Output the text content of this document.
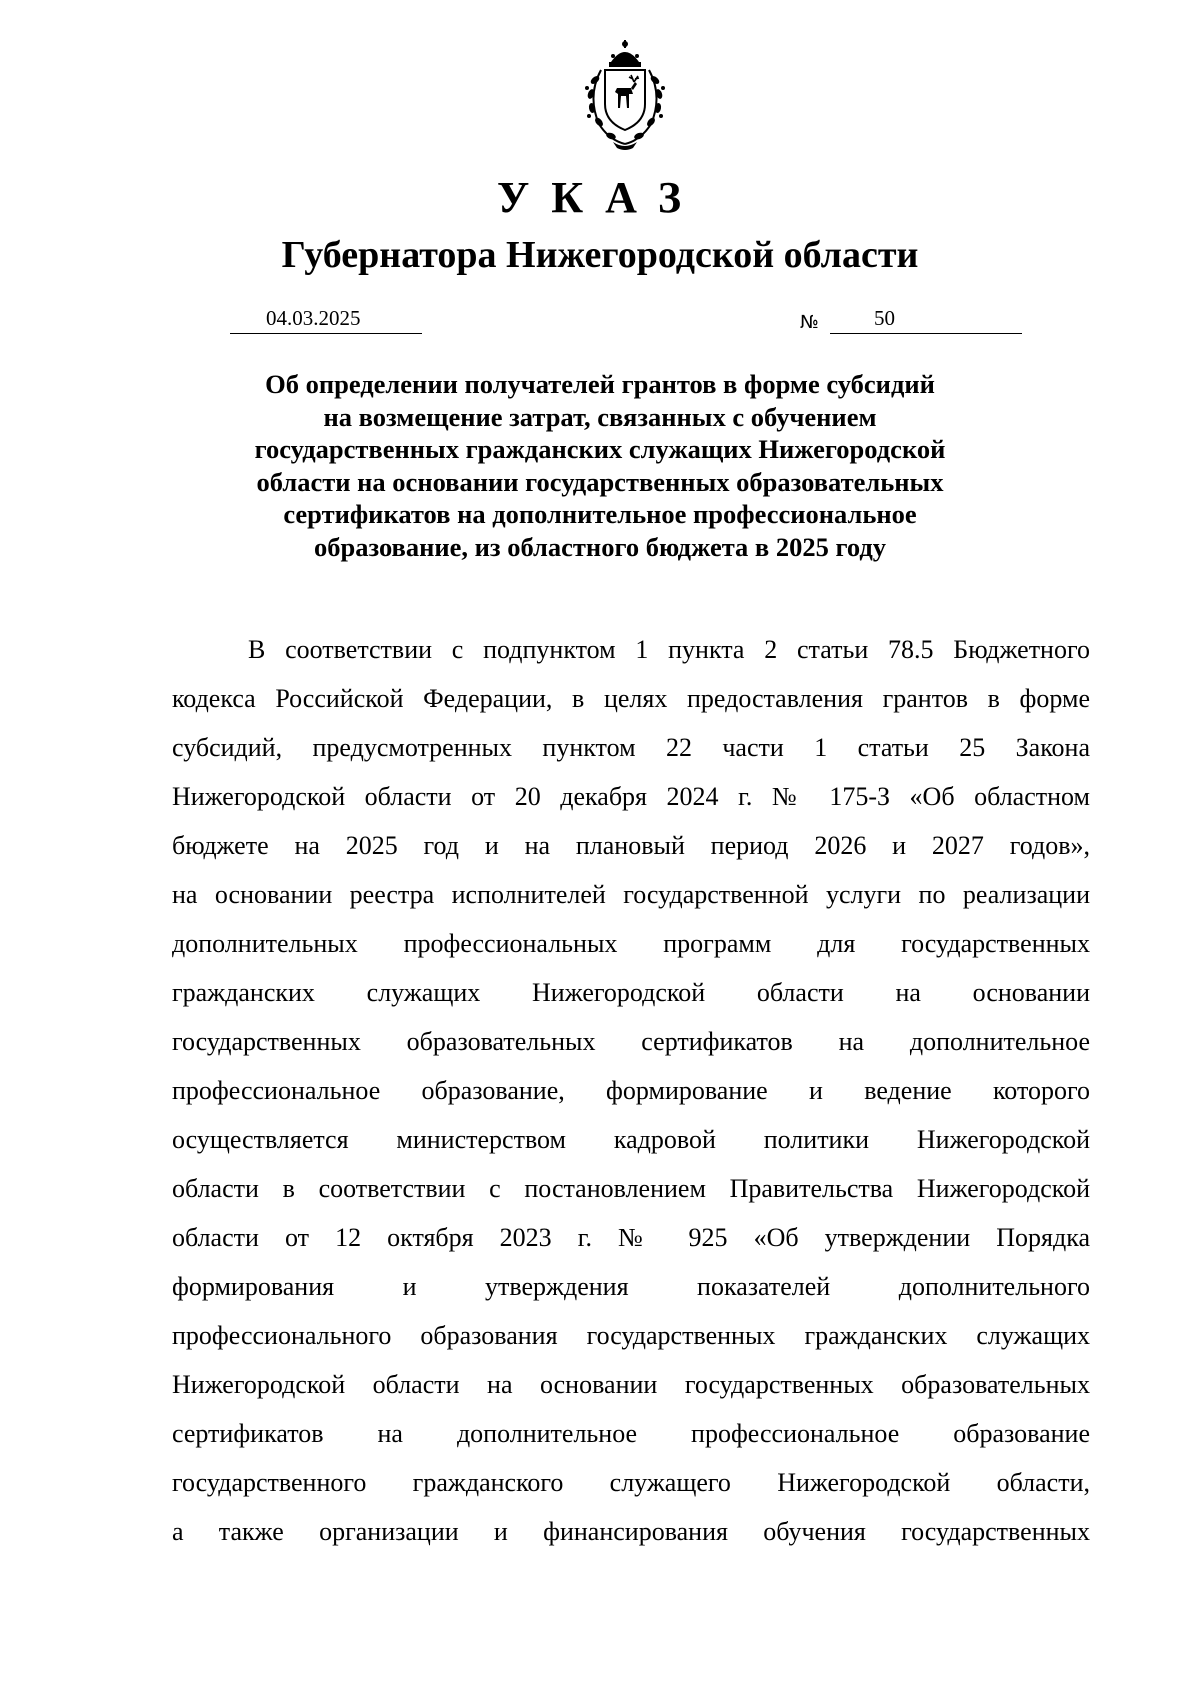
УКАЗ
Губернатора Нижегородской области
04.03.2025	№	50
Об определении получателей грантов в форме субсидий
на возмещение затрат, связанных с обучением
государственных гражданских служащих Нижегородской
области на основании государственных образовательных
сертификатов на дополнительное профессиональное
образование, из областного бюджета в 2025 году
В соответствии с подпунктом 1 пункта 2 статьи 78.5 Бюджетного
кодекса Российской Федерации, в целях предоставления грантов в форме
субсидий, предусмотренных пунктом 22 части 1 статьи 25 Закона
Нижегородской области от 20 декабря 2024 г. № 175-З «Об областном
бюджете на 2025 год и на плановый период 2026 и 2027 годов»,
на основании реестра исполнителей государственной услуги по реализации
дополнительных профессиональных программ для государственных
гражданских служащих Нижегородской области на основании
государственных образовательных сертификатов на дополнительное
профессиональное образование, формирование и ведение которого
осуществляется министерством кадровой политики Нижегородской
области в соответствии с постановлением Правительства Нижегородской
области от 12 октября 2023 г. № 925 «Об утверждении Порядка
формирования и утверждения показателей дополнительного
профессионального образования государственных гражданских служащих
Нижегородской области на основании государственных образовательных
сертификатов на дополнительное профессиональное образование
государственного гражданского служащего Нижегородской области,
а также организации и финансирования обучения государственных
